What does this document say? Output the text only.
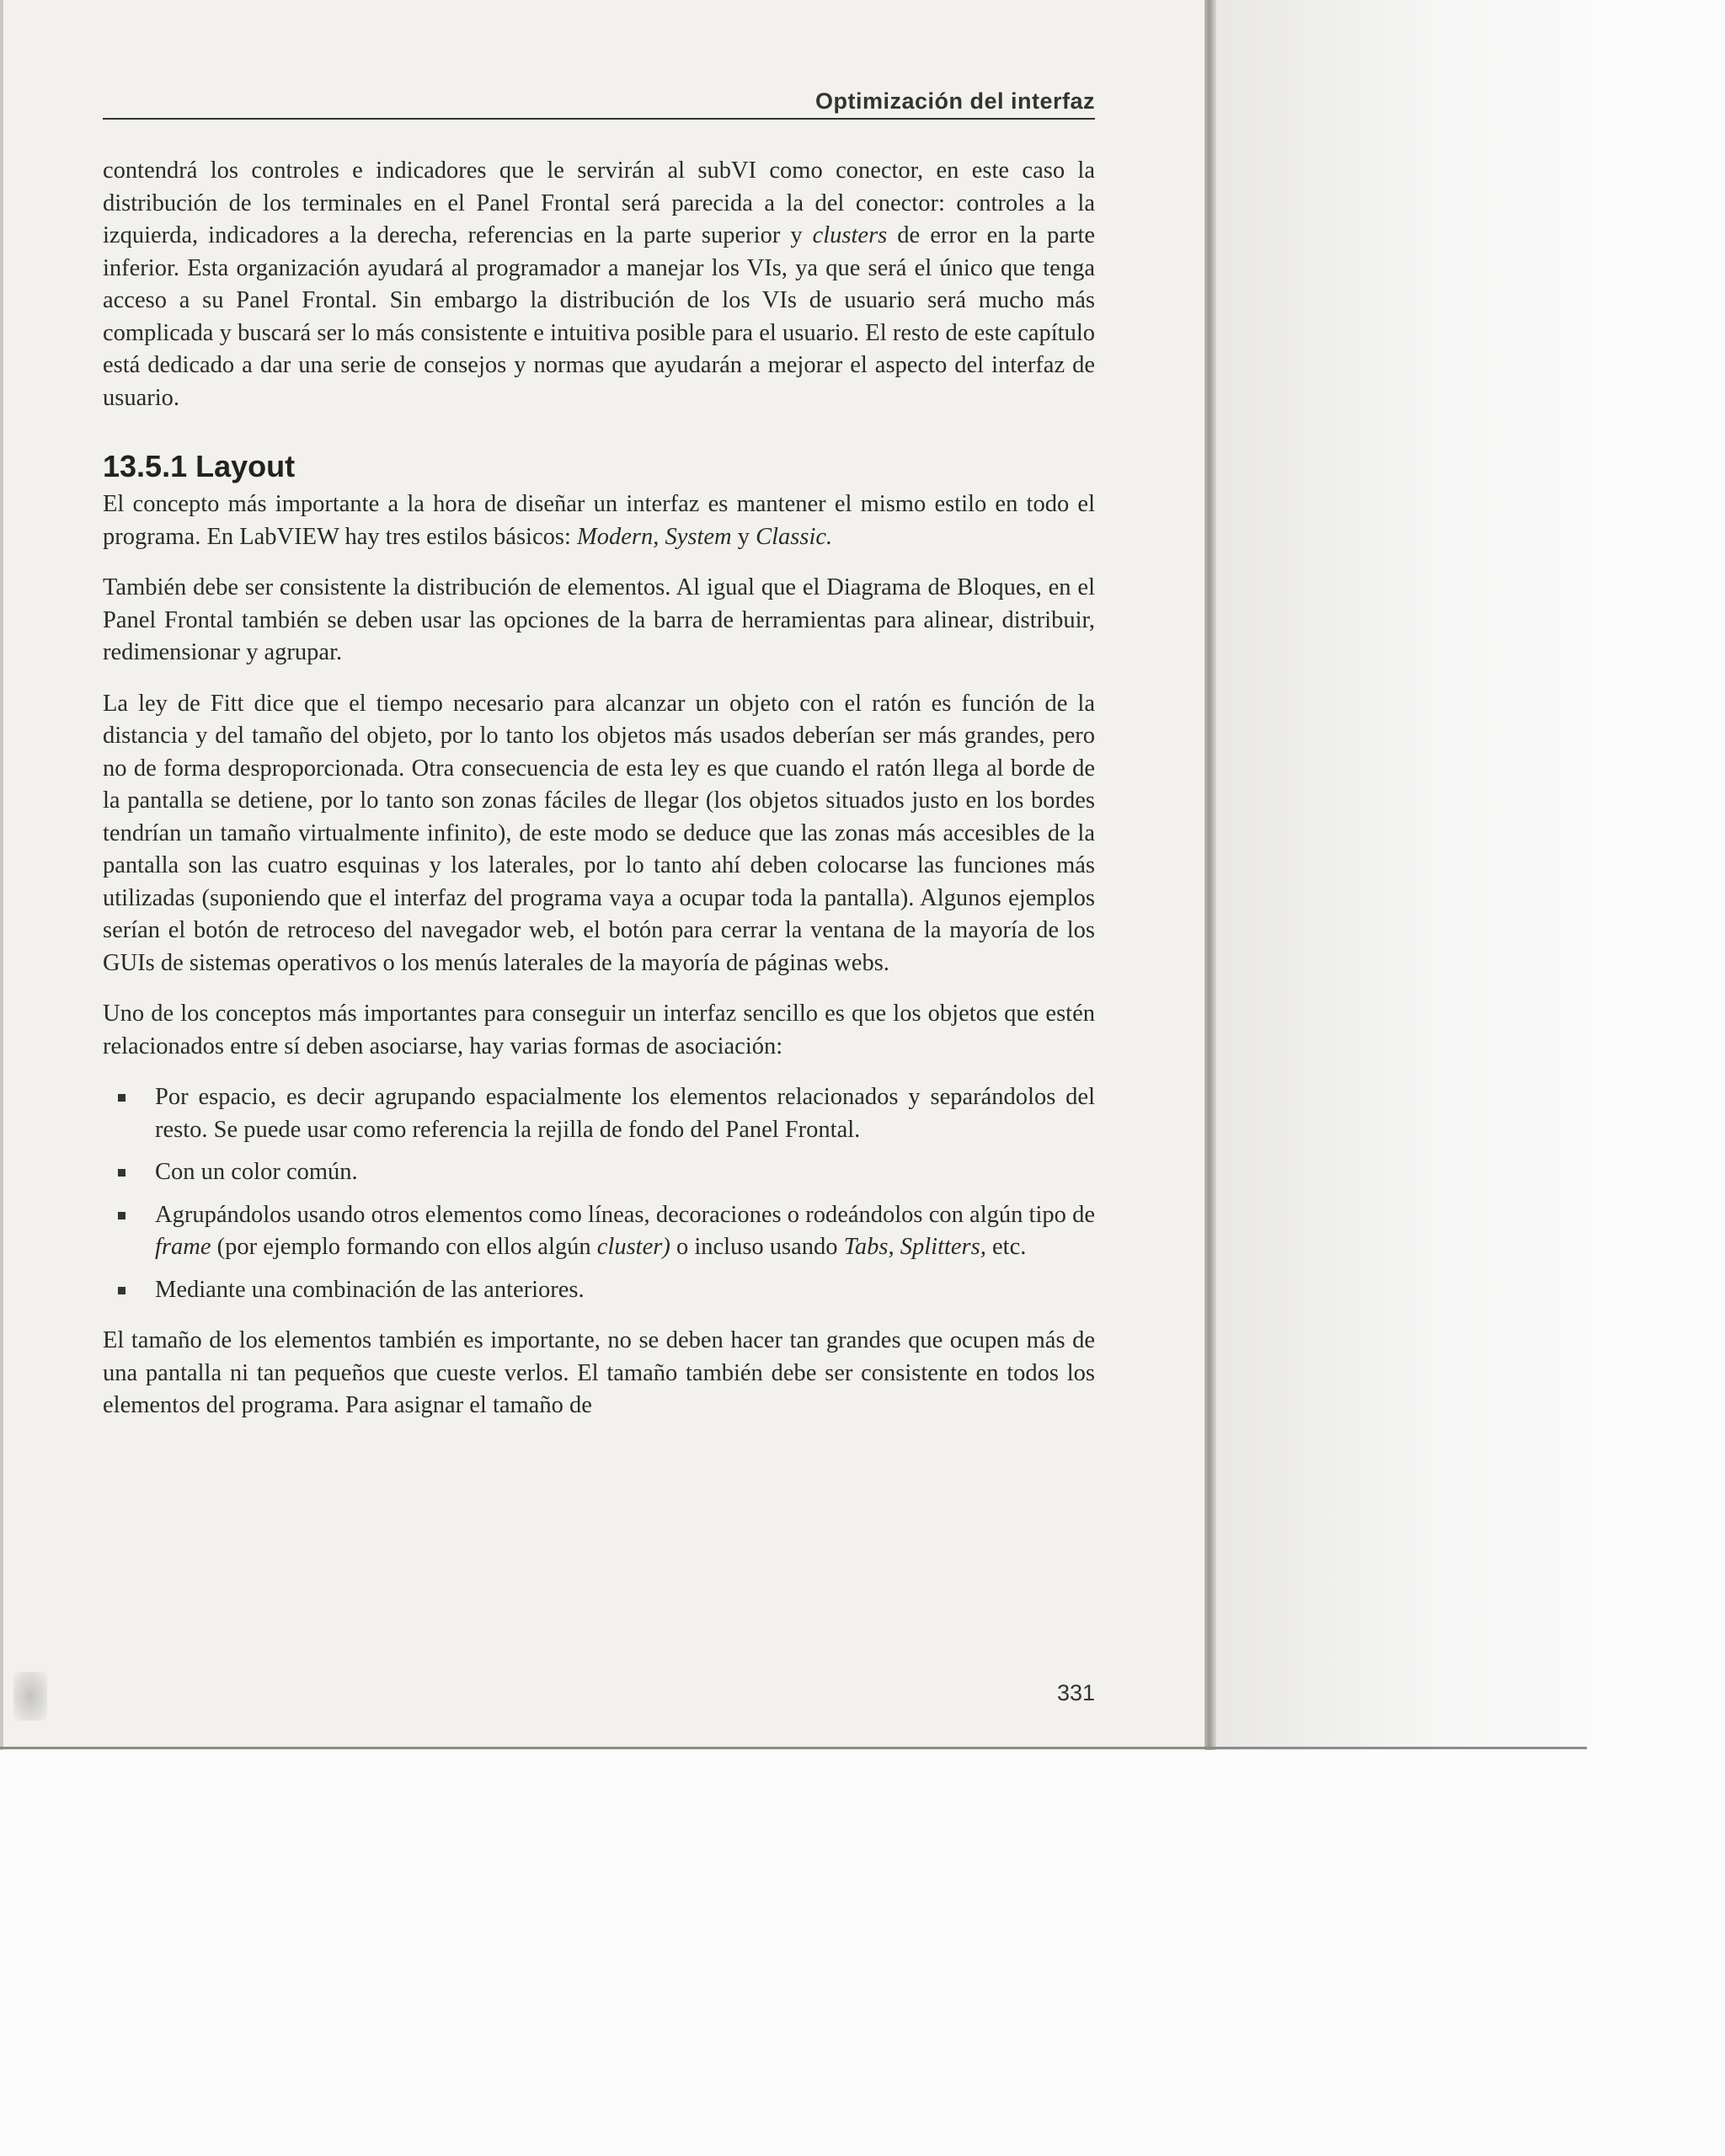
Optimización del interfaz

contendrá los controles e indicadores que le servirán al subVI como conector, en este caso la distribución de los terminales en el Panel Frontal será parecida a la del conector: controles a la izquierda, indicadores a la derecha, referencias en la parte superior y clusters de error en la parte inferior. Esta organización ayudará al programador a manejar los VIs, ya que será el único que tenga acceso a su Panel Frontal. Sin embargo la distribución de los VIs de usuario será mucho más complicada y buscará ser lo más consistente e intuitiva posible para el usuario. El resto de este capítulo está dedicado a dar una serie de consejos y normas que ayudarán a mejorar el aspecto del interfaz de usuario.

13.5.1 Layout

El concepto más importante a la hora de diseñar un interfaz es mantener el mismo estilo en todo el programa. En LabVIEW hay tres estilos básicos: Modern, System y Classic.

También debe ser consistente la distribución de elementos. Al igual que el Diagrama de Bloques, en el Panel Frontal también se deben usar las opciones de la barra de herramientas para alinear, distribuir, redimensionar y agrupar.

La ley de Fitt dice que el tiempo necesario para alcanzar un objeto con el ratón es función de la distancia y del tamaño del objeto, por lo tanto los objetos más usados deberían ser más grandes, pero no de forma desproporcionada. Otra consecuencia de esta ley es que cuando el ratón llega al borde de la pantalla se detiene, por lo tanto son zonas fáciles de llegar (los objetos situados justo en los bordes tendrían un tamaño virtualmente infinito), de este modo se deduce que las zonas más accesibles de la pantalla son las cuatro esquinas y los laterales, por lo tanto ahí deben colocarse las funciones más utilizadas (suponiendo que el interfaz del programa vaya a ocupar toda la pantalla). Algunos ejemplos serían el botón de retroceso del navegador web, el botón para cerrar la ventana de la mayoría de los GUIs de sistemas operativos o los menús laterales de la mayoría de páginas webs.

Uno de los conceptos más importantes para conseguir un interfaz sencillo es que los objetos que estén relacionados entre sí deben asociarse, hay varias formas de asociación:

Por espacio, es decir agrupando espacialmente los elementos relacionados y separándolos del resto. Se puede usar como referencia la rejilla de fondo del Panel Frontal.
Con un color común.
Agrupándolos usando otros elementos como líneas, decoraciones o rodeándolos con algún tipo de frame (por ejemplo formando con ellos algún cluster) o incluso usando Tabs, Splitters, etc.
Mediante una combinación de las anteriores.

El tamaño de los elementos también es importante, no se deben hacer tan grandes que ocupen más de una pantalla ni tan pequeños que cueste verlos. El tamaño también debe ser consistente en todos los elementos del programa. Para asignar el tamaño de

331
